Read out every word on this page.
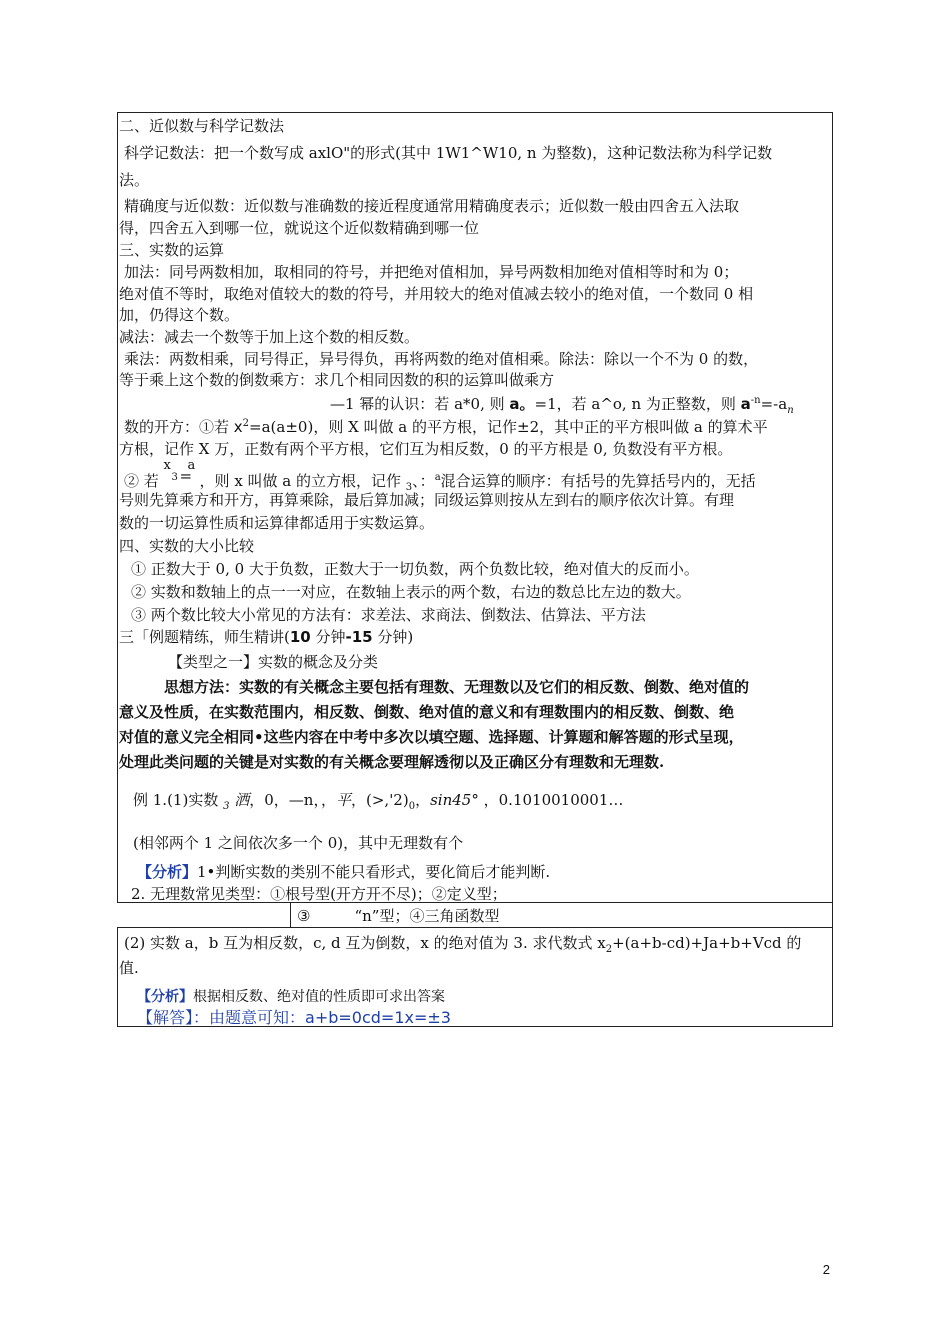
二、近似数与科学记数法
科学记数法：把一个数写成 axlO"的形式(其中 1W1^W10, n 为整数)，这种记数法称为科学记数
法。
精确度与近似数：近似数与准确数的接近程度通常用精确度表示；近似数一般由四舍五入法取
得，四舍五入到哪一位，就说这个近似数精确到哪一位
三、实数的运算
加法：同号两数相加，取相同的符号，并把绝对值相加，异号两数相加绝对值相等时和为 0；
绝对值不等时，取绝对值较大的数的符号，并用较大的绝对值减去较小的绝对值，一个数同 0 相
加，仍得这个数。
减法：减去一个数等于加上这个数的相反数。
乘法：两数相乘，同号得正，异号得负，再将两数的绝对值相乘。除法：除以一个不为 0 的数，
等于乘上这个数的倒数乘方：求几个相同因数的积的运算叫做乘方
—1 幂的认识：若 a*0, 则 a。=1，若 a^o, n 为正整数，则 $a^{-n}=-a_n$
数的开方：①若 $x^2=a(a\pm 0)$，则 X 叫做 a 的平方根，记作±2，其中正的平方根叫做 a 的算术平
方根，记作 X 万，正数有两个平方根，它们互为相反数，0 的平方根是 0, 负数没有平方根。
② 若
x
3 =
a
，则 x 叫做 a 的立方根，记作 $_3$、：$^a$混合运算的顺序：有括号的先算括号内的，无括
号则先算乘方和开方，再算乘除，最后算加减；同级运算则按从左到右的顺序依次计算。有理
数的一切运算性质和运算律都适用于实数运算。
四、实数的大小比较
① 正数大于 0, 0 大于负数，正数大于一切负数，两个负数比较，绝对值大的反而小。
② 实数和数轴上的点一一对应，在数轴上表示的两个数，右边的数总比左边的数大。
③ 两个数比较大小常见的方法有：求差法、求商法、倒数法、估算法、平方法
三「例题精练，师生精讲(10 分钟-15 分钟)
【类型之一】实数的概念及分类
思想方法：实数的有关概念主要包括有理数、无理数以及它们的相反数、倒数、绝对值的
意义及性质，在实数范围内，相反数、倒数、绝对值的意义和有理数围内的相反数、倒数、绝
对值的意义完全相同•这些内容在中考中多次以填空题、选择题、计算题和解答题的形式呈现，
处理此类问题的关键是对实数的有关概念要理解透彻以及正确区分有理数和无理数.
例 1.(1)实数 $_3$ 洒，0，—n，，平，$(>,'2)_0$，sin45° ，0.1010010001…
(相邻两个 1 之间依次多一个 0)，其中无理数有个
【分析】1•判断实数的类别不能只看形式，要化简后才能判断.
2. 无理数常见类型：①根号型(开方开不尽)；②定义型；
③	“n”型；④三角函数型
(2) 实数 a，b 互为相反数，c, d 互为倒数，x 的绝对值为 3. 求代数式 $x_2+(a+b-cd)+Ja+b+Vcd$ 的
值.
【分析】根据相反数、绝对值的性质即可求出答案
【解答】：由题意可知：a+b=0cd=1x=±3
2
